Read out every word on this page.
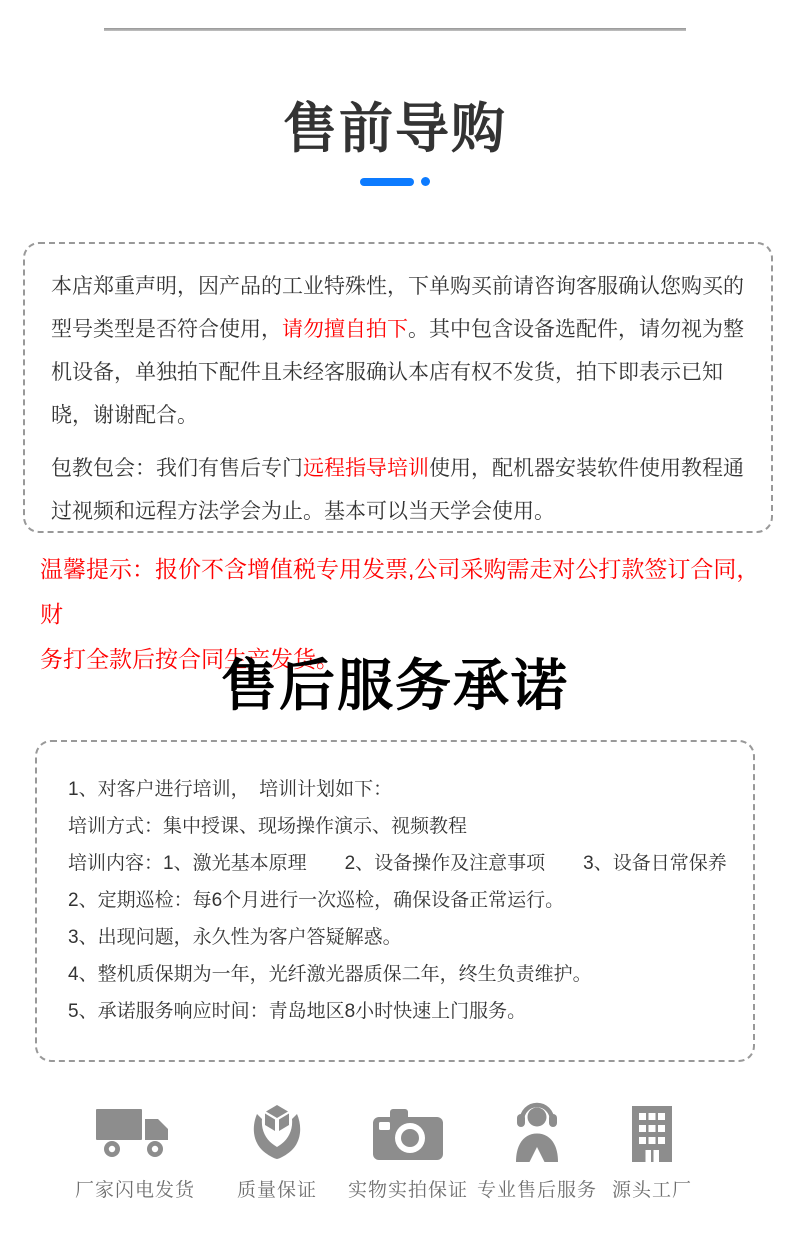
售前导购

本店郑重声明，因产品的工业特殊性，下单购买前请咨询客服确认您购买的型号类型是否符合使用，请勿擅自拍下。其中包含设备选配件，请勿视为整机设备，单独拍下配件且未经客服确认本店有权不发货，拍下即表示已知晓，谢谢配合。

包教包会：我们有售后专门远程指导培训使用，配机器安装软件使用教程通过视频和远程方法学会为止。基本可以当天学会使用。

温馨提示：报价不含增值税专用发票,公司采购需走对公打款签订合同，财
务打全款后按合同生产发货。
售后服务承诺
1、对客户进行培训，　培训计划如下：
培训方式：集中授课、现场操作演示、视频教程
培训内容：1、激光基本原理　　2、设备操作及注意事项　　3、设备日常保养
2、定期巡检：每6个月进行一次巡检，确保设备正常运行。
3、出现问题，永久性为客户答疑解惑。
4、整机质保期为一年，光纤激光器质保二年，终生负责维护。
5、承诺服务响应时间：青岛地区8小时快速上门服务。
厂家闪电发货	质量保证	实物实拍保证 专业售后服务 源头工厂
